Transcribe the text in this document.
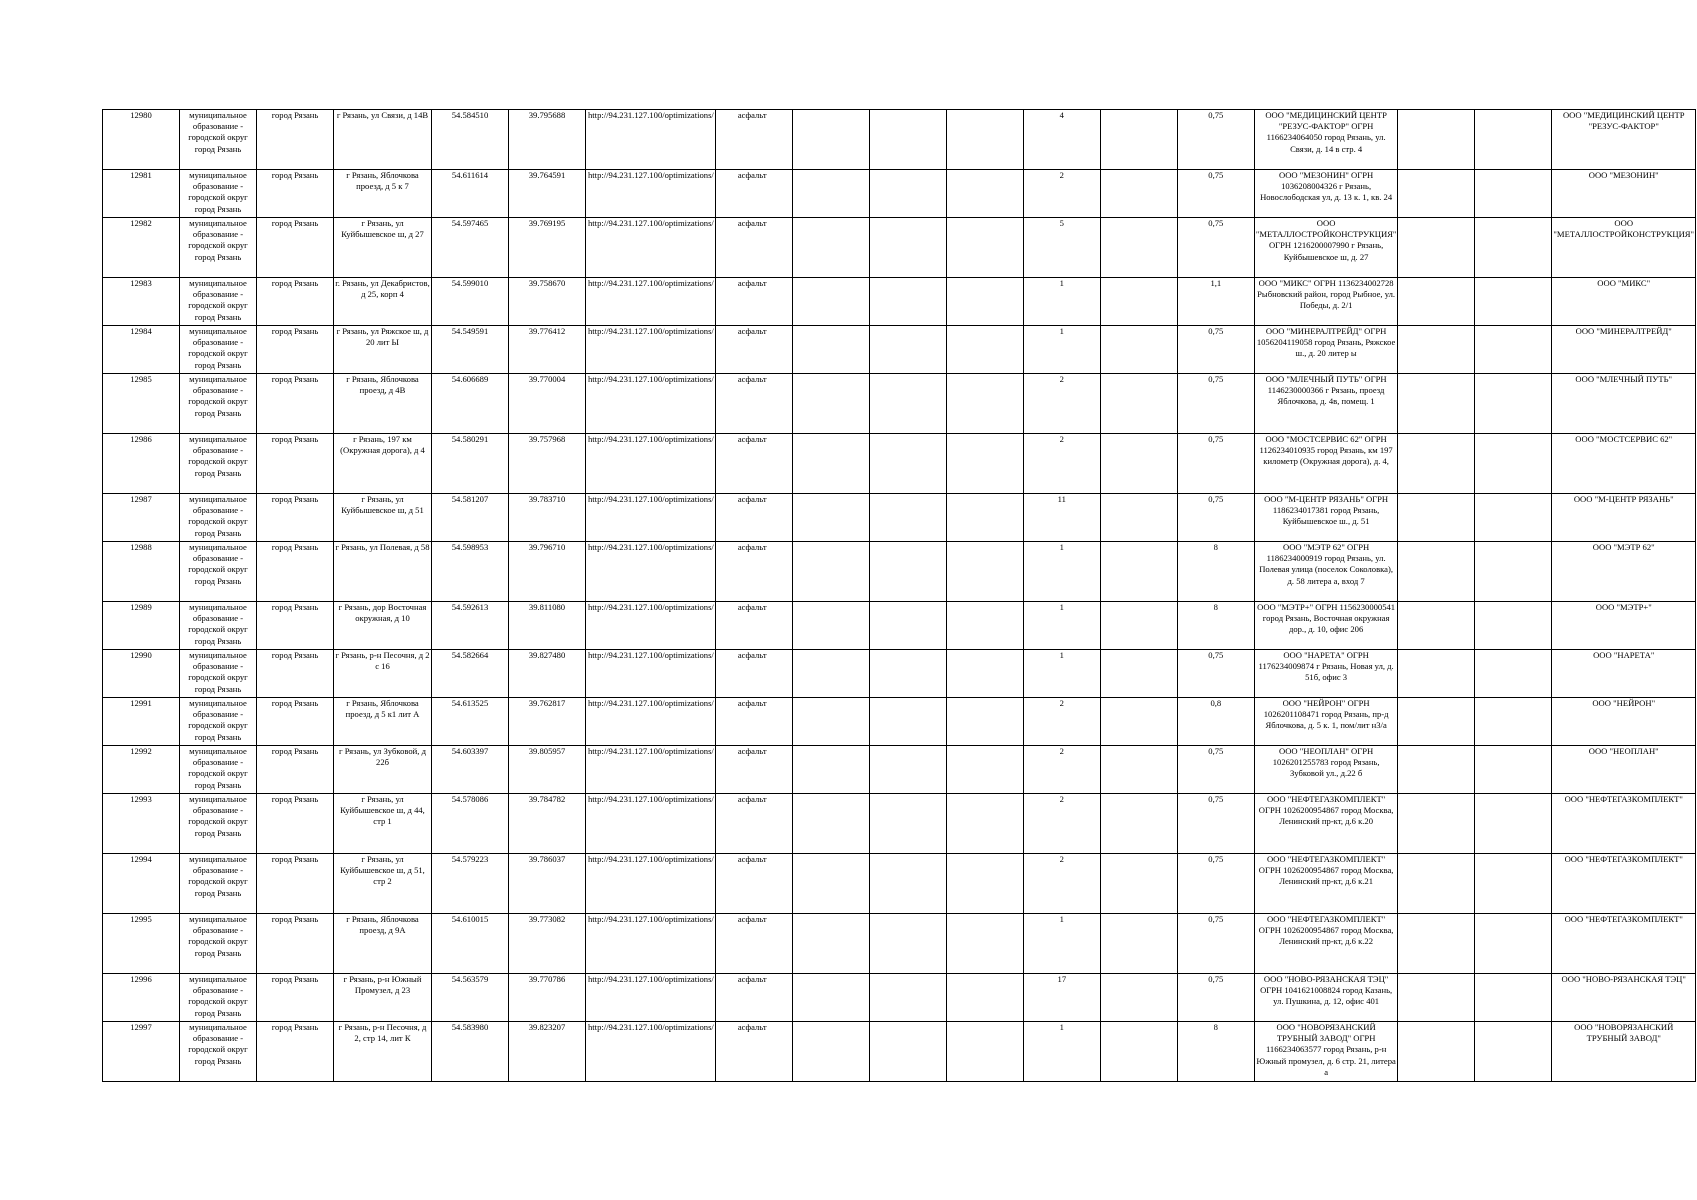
12980	муниципальное образование - городской округ город Рязань	город Рязань	г Рязань, ул Связи, д 14В	54.584510	39.795688	http://94.231.127.100/optimizations/	асфальт				4		0,75	ООО "МЕДИЦИНСКИЙ ЦЕНТР "РЕЗУС-ФАКТОР" ОГРН 1166234064050 город Рязань, ул. Связи, д. 14 в стр. 4			ООО "МЕДИЦИНСКИЙ ЦЕНТР "РЕЗУС-ФАКТОР"
12981	муниципальное образование - городской округ город Рязань	город Рязань	г Рязань, Яблочкова проезд, д 5 к 7	54.611614	39.764591	http://94.231.127.100/optimizations/	асфальт				2		0,75	ООО "МЕЗОНИН" ОГРН 1036208004326 г Рязань, Новослободская ул, д. 13 к. 1, кв. 24			ООО "МЕЗОНИН"
12982	муниципальное образование - городской округ город Рязань	город Рязань	г Рязань, ул Куйбышевское ш, д 27	54.597465	39.769195	http://94.231.127.100/optimizations/	асфальт				5		0,75	ООО "МЕТАЛЛОСТРОЙКОНСТРУКЦИЯ" ОГРН 1216200007990 г Рязань, Куйбышевское ш, д. 27			ООО "МЕТАЛЛОСТРОЙКОНСТРУКЦИЯ"
12983	муниципальное образование - городской округ город Рязань	город Рязань	г. Рязань, ул Декабристов, д 25, корп 4	54.599010	39.758670	http://94.231.127.100/optimizations/	асфальт				1		1,1	ООО "МИКС" ОГРН 1136234002728 Рыбновский район, город Рыбное, ул. Победы, д. 2/1			ООО "МИКС"
12984	муниципальное образование - городской округ город Рязань	город Рязань	г Рязань, ул Ряжское ш, д 20 лит Ы	54.549591	39.776412	http://94.231.127.100/optimizations/	асфальт				1		0,75	ООО "МИНЕРАЛТРЕЙД" ОГРН 1056204119058 город Рязань, Ряжское ш., д. 20 литер ы			ООО "МИНЕРАЛТРЕЙД"
12985	муниципальное образование - городской округ город Рязань	город Рязань	г Рязань, Яблочкова проезд, д 4В	54.606689	39.770004	http://94.231.127.100/optimizations/	асфальт				2		0,75	ООО "МЛЕЧНЫЙ ПУТЬ" ОГРН 1146230000366 г Рязань, проезд Яблочкова, д. 4в, помещ. 1			ООО "МЛЕЧНЫЙ ПУТЬ"
12986	муниципальное образование - городской округ город Рязань	город Рязань	г Рязань, 197 км (Окружная дорога), д 4	54.580291	39.757968	http://94.231.127.100/optimizations/	асфальт				2		0,75	ООО "МОСТСЕРВИС 62" ОГРН 1126234010935 город Рязань, км 197 километр (Окружная дорога), д. 4,			ООО "МОСТСЕРВИС 62"
12987	муниципальное образование - городской округ город Рязань	город Рязань	г Рязань, ул Куйбышевское ш, д 51	54.581207	39.783710	http://94.231.127.100/optimizations/	асфальт				11		0,75	ООО "М-ЦЕНТР РЯЗАНЬ" ОГРН 1186234017381 город Рязань, Куйбышевское ш., д. 51			ООО "М-ЦЕНТР РЯЗАНЬ"
12988	муниципальное образование - городской округ город Рязань	город Рязань	г Рязань, ул Полевая, д 58	54.598953	39.796710	http://94.231.127.100/optimizations/	асфальт				1		8	ООО "МЭТР 62" ОГРН 1186234000919 город Рязань, ул. Полевая улица (поселок Соколовка), д. 58 литера а, вход 7			ООО "МЭТР 62"
12989	муниципальное образование - городской округ город Рязань	город Рязань	г Рязань, дор Восточная окружная, д 10	54.592613	39.811080	http://94.231.127.100/optimizations/	асфальт				1		8	ООО "МЭТР+" ОГРН 1156230000541 город Рязань, Восточная окружная дор., д. 10, офис 206			ООО "МЭТР+"
12990	муниципальное образование - городской округ город Рязань	город Рязань	г Рязань, р-н Песочня, д 2 с 16	54.582664	39.827480	http://94.231.127.100/optimizations/	асфальт				1		0,75	ООО "НАРЕТА" ОГРН 1176234009874 г Рязань, Новая ул, д. 51б, офис 3			ООО "НАРЕТА"
12991	муниципальное образование - городской округ город Рязань	город Рязань	г Рязань, Яблочкова проезд, д 5 к1 лит А	54.613525	39.762817	http://94.231.127.100/optimizations/	асфальт				2		0,8	ООО "НЕЙРОН" ОГРН 1026201108471 город Рязань, пр-д Яблочкова, д. 5 к. 1, пом/лит н3/а			ООО "НЕЙРОН"
12992	муниципальное образование - городской округ город Рязань	город Рязань	г Рязань, ул Зубковой, д 22б	54.603397	39.805957	http://94.231.127.100/optimizations/	асфальт				2		0,75	ООО "НЕОПЛАН" ОГРН 1026201255783 город Рязань, Зубковой ул., д.22 б			ООО "НЕОПЛАН"
12993	муниципальное образование - городской округ город Рязань	город Рязань	г Рязань, ул Куйбышевское ш, д 44, стр 1	54.578086	39.784782	http://94.231.127.100/optimizations/	асфальт				2		0,75	ООО "НЕФТЕГАЗКОМПЛЕКТ" ОГРН 1026200954867 город Москва, Ленинский пр-кт, д.6 к.20			ООО "НЕФТЕГАЗКОМПЛЕКТ"
12994	муниципальное образование - городской округ город Рязань	город Рязань	г Рязань, ул Куйбышевское ш, д 51, стр 2	54.579223	39.786037	http://94.231.127.100/optimizations/	асфальт				2		0,75	ООО "НЕФТЕГАЗКОМПЛЕКТ" ОГРН 1026200954867 город Москва, Ленинский пр-кт, д.6 к.21			ООО "НЕФТЕГАЗКОМПЛЕКТ"
12995	муниципальное образование - городской округ город Рязань	город Рязань	г Рязань, Яблочкова проезд, д 9А	54.610015	39.773082	http://94.231.127.100/optimizations/	асфальт				1		0,75	ООО "НЕФТЕГАЗКОМПЛЕКТ" ОГРН 1026200954867 город Москва, Ленинский пр-кт, д.6 к.22			ООО "НЕФТЕГАЗКОМПЛЕКТ"
12996	муниципальное образование - городской округ город Рязань	город Рязань	г Рязань, р-н Южный Промузел, д 23	54.563579	39.770786	http://94.231.127.100/optimizations/	асфальт				17		0,75	ООО "НОВО-РЯЗАНСКАЯ ТЭЦ" ОГРН 1041621008824 город Казань, ул. Пушкина, д. 12, офис 401			ООО "НОВО-РЯЗАНСКАЯ ТЭЦ"
12997	муниципальное образование - городской округ город Рязань	город Рязань	г Рязань, р-н Песочня, д 2, стр 14, лит К	54.583980	39.823207	http://94.231.127.100/optimizations/	асфальт				1		8	ООО "НОВОРЯЗАНСКИЙ ТРУБНЫЙ ЗАВОД" ОГРН 1166234063577 город Рязань, р-н Южный промузел, д. 6 стр. 21, литера а			ООО "НОВОРЯЗАНСКИЙ ТРУБНЫЙ ЗАВОД"
